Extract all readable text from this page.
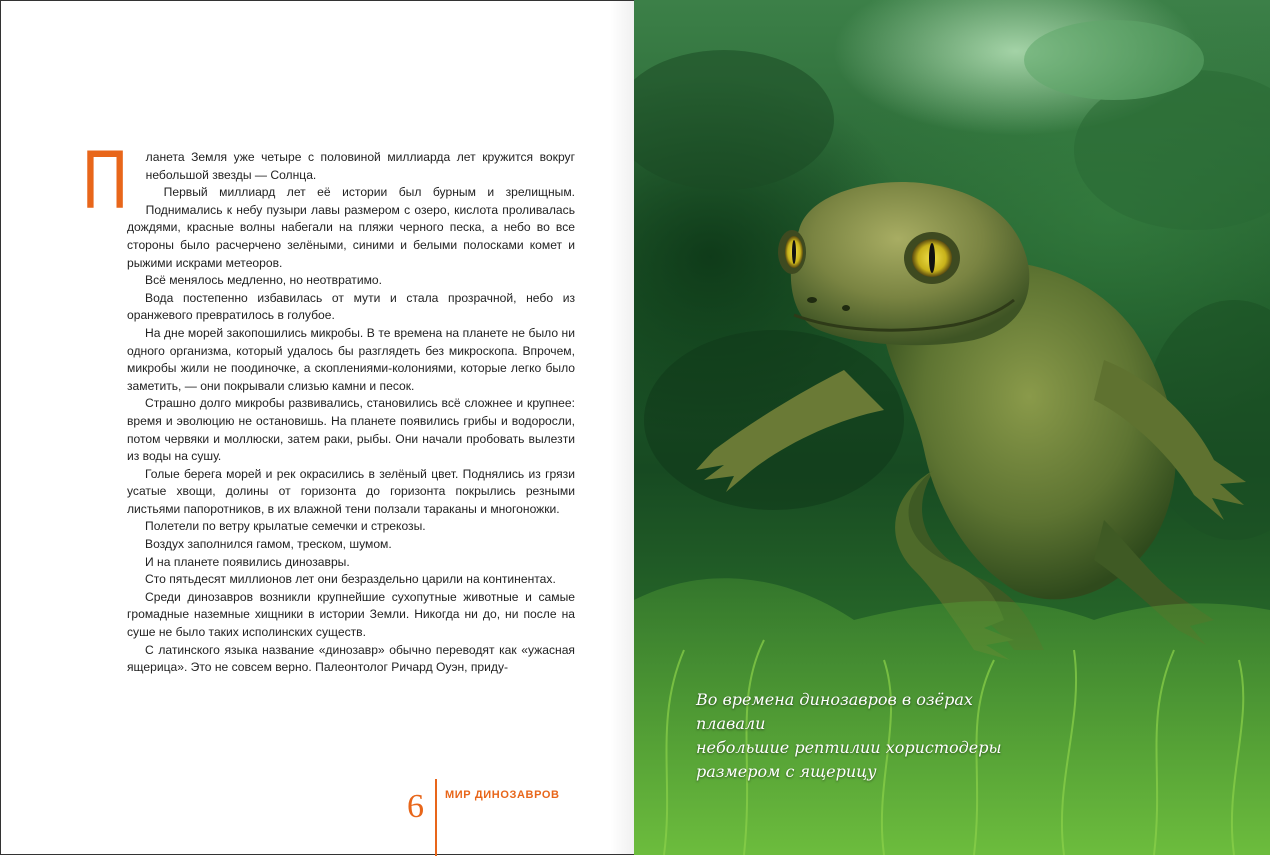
П ланета Земля уже четыре с половиной миллиарда лет кружится вокруг небольшой звезды — Солнца.

Первый миллиард лет её истории был бурным и зрелищным. Поднимались к небу пузыри лавы размером с озеро, кислота проливалась дождями, красные волны набегали на пляжи черного песка, а небо во все стороны было расчерчено зелёными, синими и белыми полосками комет и рыжими искрами метеоров.

Всё менялось медленно, но неотвратимо.

Вода постепенно избавилась от мути и стала прозрачной, небо из оранжевого превратилось в голубое.

На дне морей закопошились микробы. В те времена на планете не было ни одного организма, который удалось бы разглядеть без микроскопа. Впрочем, микробы жили не поодиночке, а скоплениями-колониями, которые легко было заметить, — они покрывали слизью камни и песок.

Страшно долго микробы развивались, становились всё сложнее и крупнее: время и эволюцию не остановишь. На планете появились грибы и водоросли, потом червяки и моллюски, затем раки, рыбы. Они начали пробовать вылезти из воды на сушу.

Голые берега морей и рек окрасились в зелёный цвет. Поднялись из грязи усатые хвощи, долины от горизонта до горизонта покрылись резными листьями папоротников, в их влажной тени ползали тараканы и многоножки.

Полетели по ветру крылатые семечки и стрекозы.

Воздух заполнился гамом, треском, шумом.

И на планете появились динозавры.

Сто пятьдесят миллионов лет они безраздельно царили на континентах.

Среди динозавров возникли крупнейшие сухопутные животные и самые громадные наземные хищники в истории Земли. Никогда ни до, ни после на суше не было таких исполинских существ.

С латинского языка название «динозавр» обычно переводят как «ужасная ящерица». Это не совсем верно. Палеонтолог Ричард Оуэн, приду-

6 МИР ДИНОЗАВРОВ
Во времена динозавров в озёрах плавали
небольшие рептилии хористодеры
размером с ящерицу
